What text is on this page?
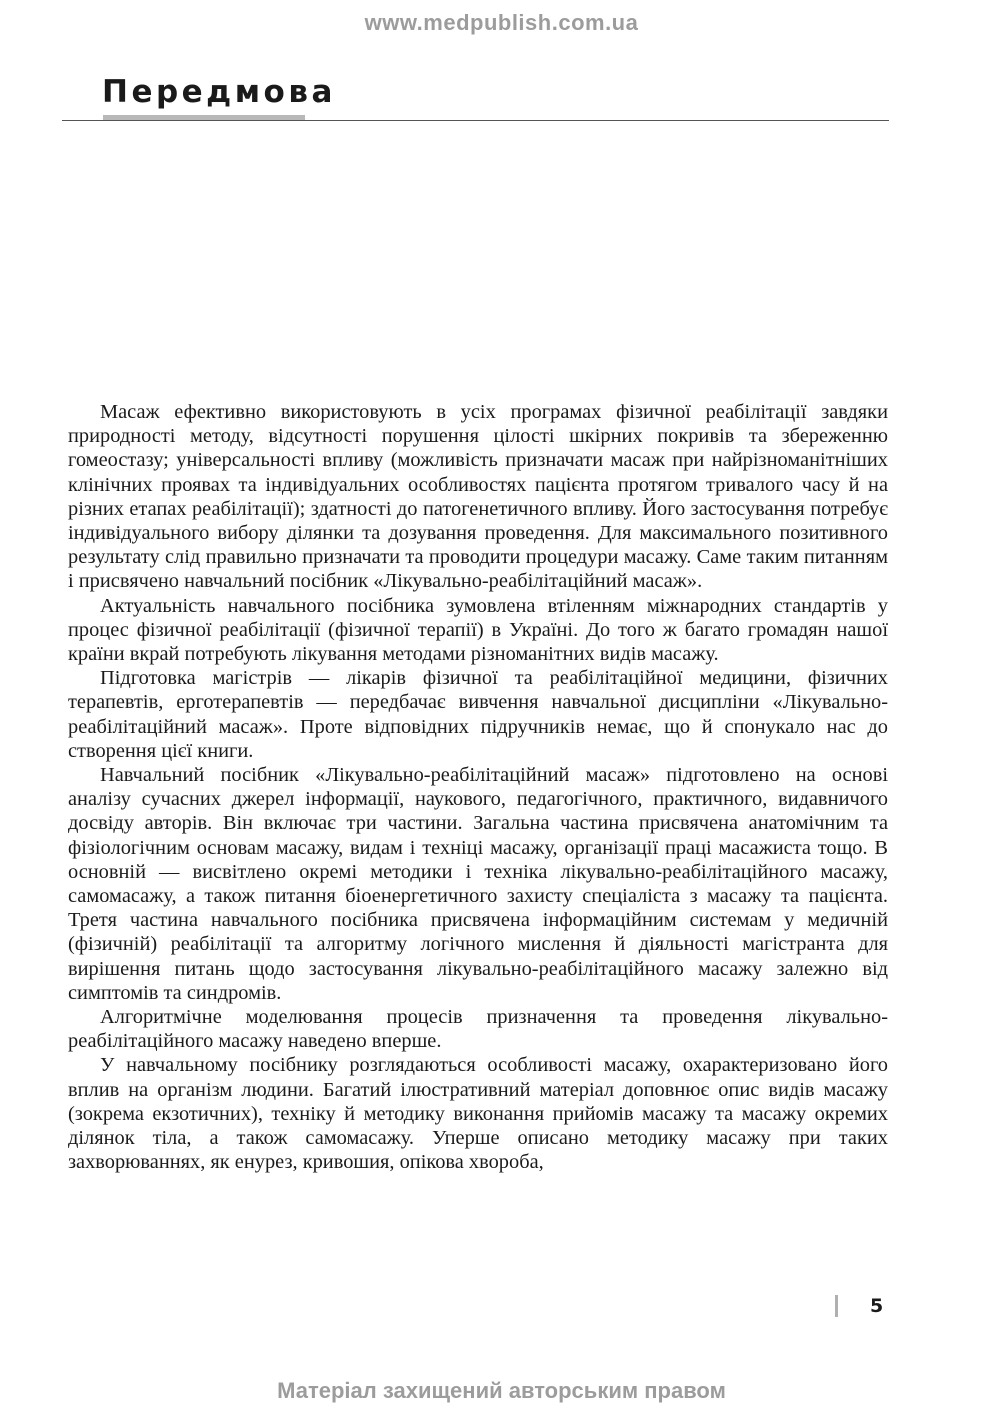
www.medpublish.com.ua
Передмова

Масаж ефективно використовують в усіх програмах фізичної реабілітації завдяки природності методу, відсутності порушення цілості шкірних покривів та збереженню гомеостазу; універсальності впливу (можливість призначати масаж при найрізноманітніших клінічних проявах та індивідуальних особливостях пацієнта протягом тривалого часу й на різних етапах реабілітації); здатності до патогенетичного впливу. Його застосування потребує індивідуального вибору ділянки та дозування проведення. Для максимального позитивного результату слід правильно призначати та проводити процедури масажу. Саме таким питанням і присвячено навчальний посібник «Лікувально-реабілітаційний масаж».

Актуальність навчального посібника зумовлена втіленням міжнародних стандартів у процес фізичної реабілітації (фізичної терапії) в Україні. До того ж багато громадян нашої країни вкрай потребують лікування методами різноманітних видів масажу.

Підготовка магістрів — лікарів фізичної та реабілітаційної медицини, фізичних терапевтів, ерготерапевтів — передбачає вивчення навчальної дисципліни «Лікувально-реабілітаційний масаж». Проте відповідних підручників немає, що й спонукало нас до створення цієї книги.

Навчальний посібник «Лікувально-реабілітаційний масаж» підготовлено на основі аналізу сучасних джерел інформації, наукового, педагогічного, практичного, видавничого досвіду авторів. Він включає три частини. Загальна частина присвячена анатомічним та фізіологічним основам масажу, видам і техніці масажу, організації праці масажиста тощо. В основній — висвітлено окремі методики і техніка лікувально-реабілітаційного масажу, самомасажу, а також питання біоенергетичного захисту спеціаліста з масажу та пацієнта. Третя частина навчального посібника присвячена інформаційним системам у медичній (фізичній) реабілітації та алгоритму логічного мислення й діяльності магістранта для вирішення питань щодо застосування лікувально-реабілітаційного масажу залежно від симптомів та синдромів.

Алгоритмічне моделювання процесів призначення та проведення лікувально-реабілітаційного масажу наведено вперше.

У навчальному посібнику розглядаються особливості масажу, охарактеризовано його вплив на організм людини. Багатий ілюстративний матеріал доповнює опис видів масажу (зокрема екзотичних), техніку й методику виконання прийомів масажу та масажу окремих ділянок тіла, а також самомасажу. Уперше описано методику масажу при таких захворюваннях, як енурез, кривошия, опікова хвороба,

5
Матеріал захищений авторським правом
